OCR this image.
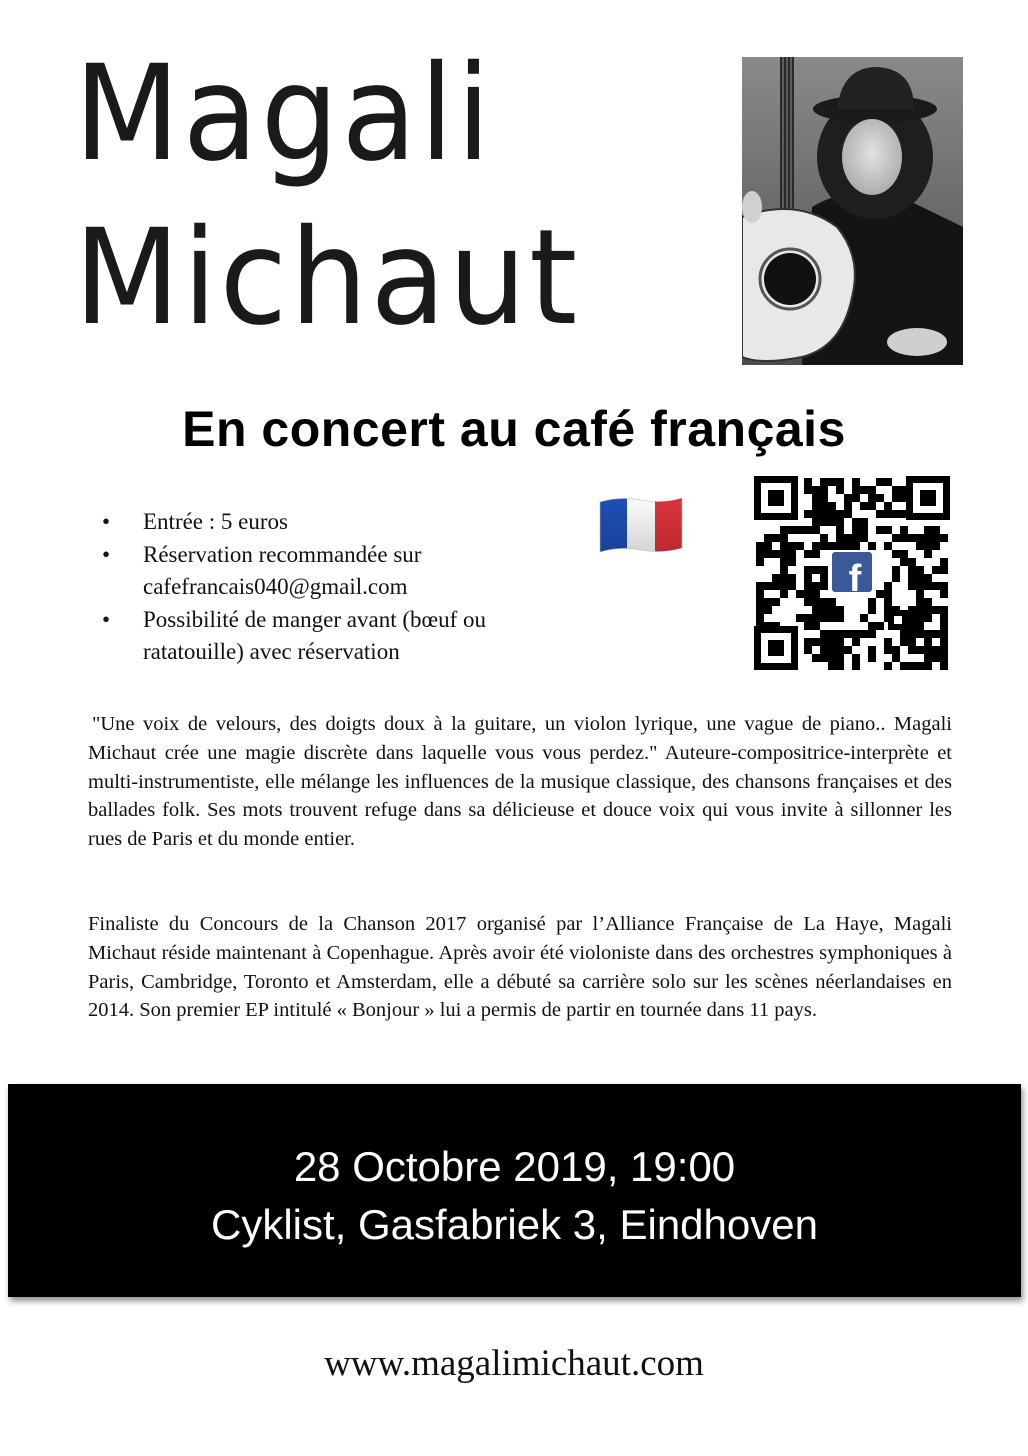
Magali
Michaut
En concert au café français
• Entrée : 5 euros
• Réservation recommandée sur cafefrancais040@gmail.com
• Possibilité de manger avant (bœuf ou ratatouille) avec réservation
f

"Une voix de velours, des doigts doux à la guitare, un violon lyrique, une vague de piano.. Magali Michaut crée une magie discrète dans laquelle vous vous perdez." Auteure-compositrice-interprète et multi-instrumentiste, elle mélange les influences de la musique classique, des chansons françaises et des ballades folk. Ses mots trouvent refuge dans sa délicieuse et douce voix qui vous invite à sillonner les rues de Paris et du monde entier.

Finaliste du Concours de la Chanson 2017 organisé par l’Alliance Française de La Haye, Magali Michaut réside maintenant à Copenhague. Après avoir été violoniste dans des orchestres symphoniques à Paris, Cambridge, Toronto et Amsterdam, elle a débuté sa carrière solo sur les scènes néerlandaises en 2014. Son premier EP intitulé « Bonjour » lui a permis de partir en tournée dans 11 pays.

28 Octobre 2019, 19:00
Cyklist, Gasfabriek 3, Eindhoven
www.magalimichaut.com
